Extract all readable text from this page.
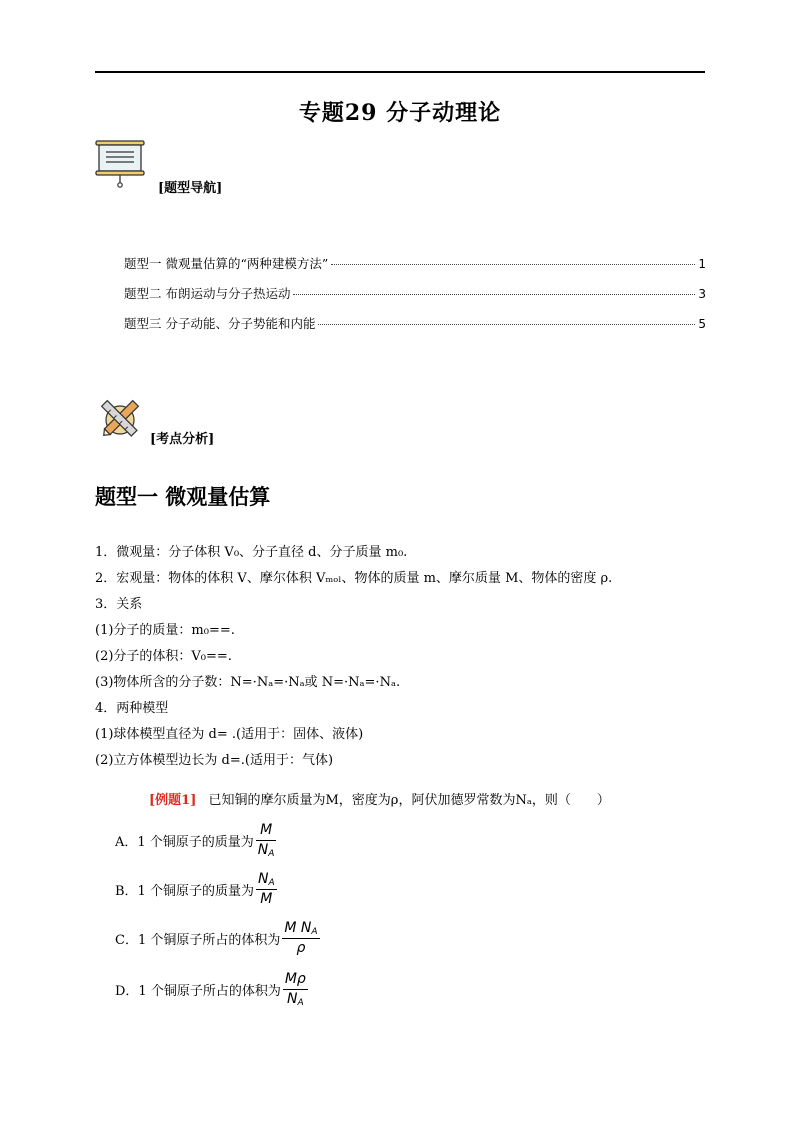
专题29 分子动理论
[题型导航]
题型一 微观量估算的“两种建模方法”	1
题型二 布朗运动与分子热运动	3
题型三 分子动能、分子势能和内能	5
[考点分析]
题型一 微观量估算
1．微观量：分子体积 V₀、分子直径 d、分子质量 m₀.
2．宏观量：物体的体积 V、摩尔体积 Vₘₒₗ、物体的质量 m、摩尔质量 M、物体的密度 ρ.
3．关系
(1)分子的质量：m₀==.
(2)分子的体积：V₀==.
(3)物体所含的分子数：N=·Nₐ=·Nₐ或 N=·Nₐ=·Nₐ.
4．两种模型
(1)球体模型直径为 d= .(适用于：固体、液体)
(2)立方体模型边长为 d=.(适用于：气体)
[例题1] 已知铜的摩尔质量为M，密度为ρ，阿伏加德罗常数为Nₐ，则（　　）
A．1 个铜原子的质量为 $\frac{M}{N_A}$
B．1 个铜原子的质量为 $\frac{N_A}{M}$
C．1 个铜原子所占的体积为 $\frac{M N_A}{\rho}$
D．1 个铜原子所占的体积为 $\frac{M\rho}{N_A}$
